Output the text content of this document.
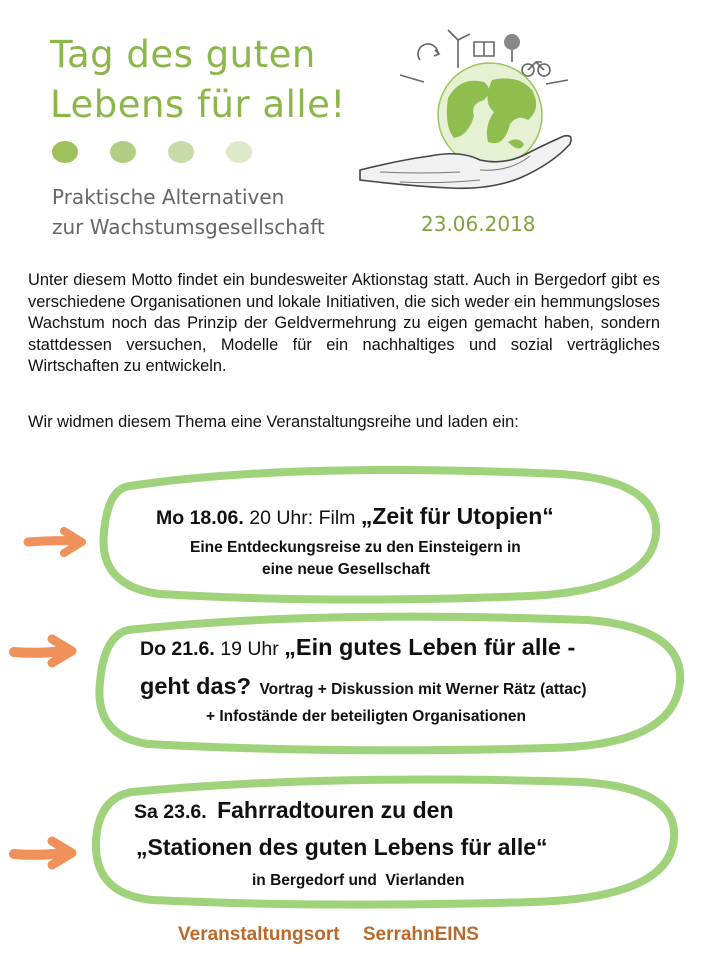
Tag des guten
Lebens für alle!
Praktische Alternativen
zur Wachstumsgesellschaft	23.06.2018
Unter diesem Motto findet ein bundesweiter Aktionstag statt. Auch in Bergedorf gibt es verschiedene Organisationen und lokale Initiativen, die sich weder ein hemmungsloses Wachstum noch das Prinzip der Geldvermehrung zu eigen gemacht haben, sondern stattdessen versuchen, Modelle für ein nachhaltiges und sozial verträgliches Wirtschaften zu entwickeln.
Wir widmen diesem Thema eine Veranstaltungsreihe und laden ein:
Mo 18.06. 20 Uhr: Film „Zeit für Utopien“
Eine Entdeckungsreise zu den Einsteigern in
eine neue Gesellschaft
Do 21.6. 19 Uhr „Ein gutes Leben für alle -
geht das? Vortrag + Diskussion mit Werner Rätz (attac)
+ Infostände der beteiligten Organisationen
Sa 23.6. Fahrradtouren zu den
„Stationen des guten Lebens für alle“
in Bergedorf und  Vierlanden
Veranstaltungsort SerrahnEINS
